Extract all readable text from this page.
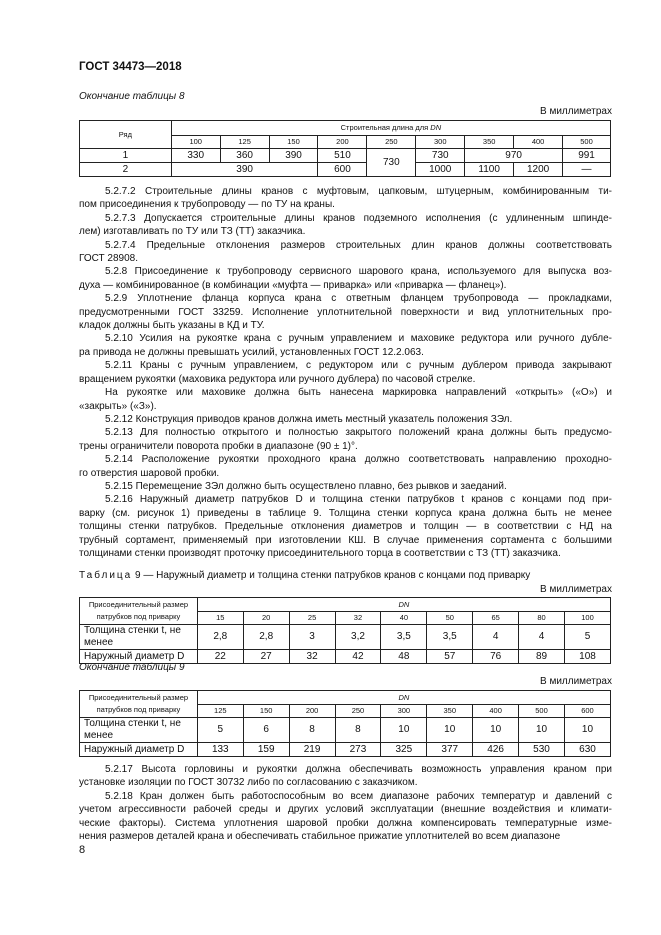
ГОСТ 34473—2018
Окончание таблицы 8
В миллиметрах
Ряд	Строительная длина для DN								
	100	125	150	200	250	300	350	400	500
1	330	360	390	510	730	730	970		991
2	390			600		1000	1100	1200	—
5.2.7.2 Строительные длины кранов с муфтовым, цапковым, штуцерным, комбинированным ти-
пом присоединения к трубопроводу — по ТУ на краны.
5.2.7.3 Допускается строительные длины кранов подземного исполнения (с удлиненным шпинде-
лем) изготавливать по ТУ или ТЗ (ТТ) заказчика.
5.2.7.4 Предельные отклонения размеров строительных длин кранов должны соответствовать
ГОСТ 28908.
5.2.8 Присоединение к трубопроводу сервисного шарового крана, используемого для выпуска воз-
духа — комбинированное (в комбинации «муфта — приварка» или «приварка — фланец»).
5.2.9 Уплотнение фланца корпуса крана с ответным фланцем трубопровода — прокладками,
предусмотренными ГОСТ 33259. Исполнение уплотнительной поверхности и вид уплотнительных про-
кладок должны быть указаны в КД и ТУ.
5.2.10 Усилия на рукоятке крана с ручным управлением и маховике редуктора или ручного дубле-
ра привода не должны превышать усилий, установленных ГОСТ 12.2.063.
5.2.11 Краны с ручным управлением, с редуктором или с ручным дублером привода закрывают
вращением рукоятки (маховика редуктора или ручного дублера) по часовой стрелке.
На рукоятке или маховике должна быть нанесена маркировка направлений «открыть» («О») и
«закрыть» («З»).
5.2.12 Конструкция приводов кранов должна иметь местный указатель положения ЗЭл.
5.2.13 Для полностью открытого и полностью закрытого положений крана должны быть предусмо-
трены ограничители поворота пробки в диапазоне (90 ± 1)°.
5.2.14 Расположение рукоятки проходного крана должно соответствовать направлению проходно-
го отверстия шаровой пробки.
5.2.15 Перемещение ЗЭл должно быть осуществлено плавно, без рывков и заеданий.
5.2.16 Наружный диаметр патрубков D и толщина стенки патрубков t кранов с концами под при-
варку (см. рисунок 1) приведены в таблице 9. Толщина стенки корпуса крана должна быть не менее
толщины стенки патрубков. Предельные отклонения диаметров и толщин — в соответствии с НД на
трубный сортамент, применяемый при изготовлении КШ. В случае применения сортамента с большими
толщинами стенки производят проточку присоединительного торца в соответствии с ТЗ (ТТ) заказчика.
Таблица 9 — Наружный диаметр и толщина стенки патрубков кранов с концами под приварку
В миллиметрах
Присоединительный размер патрубков под приварку	DN								
	15	20	25	32	40	50	65	80	100
Толщина стенки t, не менее	2,8	2,8	3	3,2	3,5	3,5	4	4	5
Наружный диаметр D	22	27	32	42	48	57	76	89	108
Окончание таблицы 9
В миллиметрах
Присоединительный размер патрубков под приварку	DN								
	125	150	200	250	300	350	400	500	600
Толщина стенки t, не менее	5	6	8	8	10	10	10	10	10
Наружный диаметр D	133	159	219	273	325	377	426	530	630
5.2.17 Высота горловины и рукоятки должна обеспечивать возможность управления краном при
установке изоляции по ГОСТ 30732 либо по согласованию с заказчиком.
5.2.18 Кран должен быть работоспособным во всем диапазоне рабочих температур и давлений с
учетом агрессивности рабочей среды и других условий эксплуатации (внешние воздействия и климати-
ческие факторы). Система уплотнения шаровой пробки должна компенсировать температурные изме-
нения размеров деталей крана и обеспечивать стабильное прижатие уплотнителей во всем диапазоне
8
